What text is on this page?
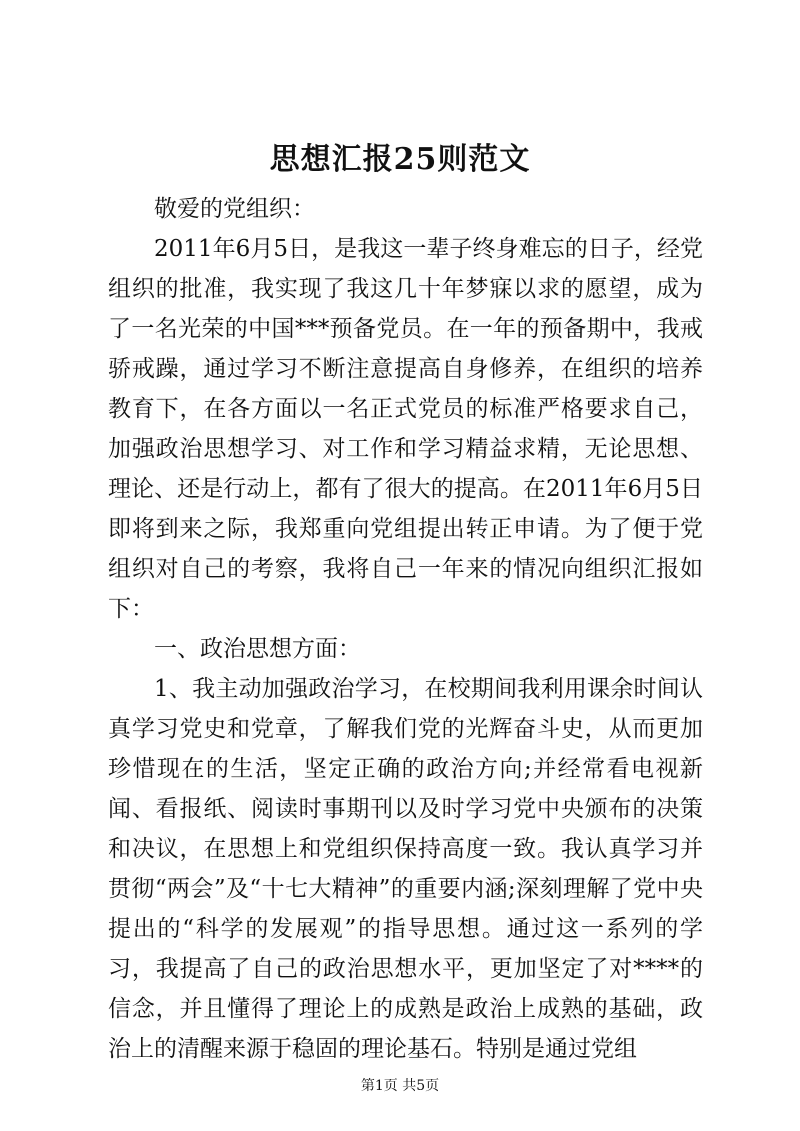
思想汇报25则范文

敬爱的党组织：

2011年6月5日，是我这一辈子终身难忘的日子，经党组织的批准，我实现了我这几十年梦寐以求的愿望，成为了一名光荣的中国***预备党员。在一年的预备期中，我戒骄戒躁，通过学习不断注意提高自身修养，在组织的培养教育下，在各方面以一名正式党员的标准严格要求自己，加强政治思想学习、对工作和学习精益求精，无论思想、理论、还是行动上，都有了很大的提高。在2011年6月5日即将到来之际，我郑重向党组提出转正申请。为了便于党组织对自己的考察，我将自己一年来的情况向组织汇报如下：

一、政治思想方面：

1、我主动加强政治学习，在校期间我利用课余时间认真学习党史和党章，了解我们党的光辉奋斗史，从而更加珍惜现在的生活，坚定正确的政治方向;并经常看电视新闻、看报纸、阅读时事期刊以及时学习党中央颁布的决策和决议，在思想上和党组织保持高度一致。我认真学习并贯彻“两会”及“十七大精神”的重要内涵;深刻理解了党中央提出的“科学的发展观”的指导思想。通过这一系列的学习，我提高了自己的政治思想水平，更加坚定了对****的信念，并且懂得了理论上的成熟是政治上成熟的基础，政治上的清醒来源于稳固的理论基石。特别是通过党组

第1页 共5页
